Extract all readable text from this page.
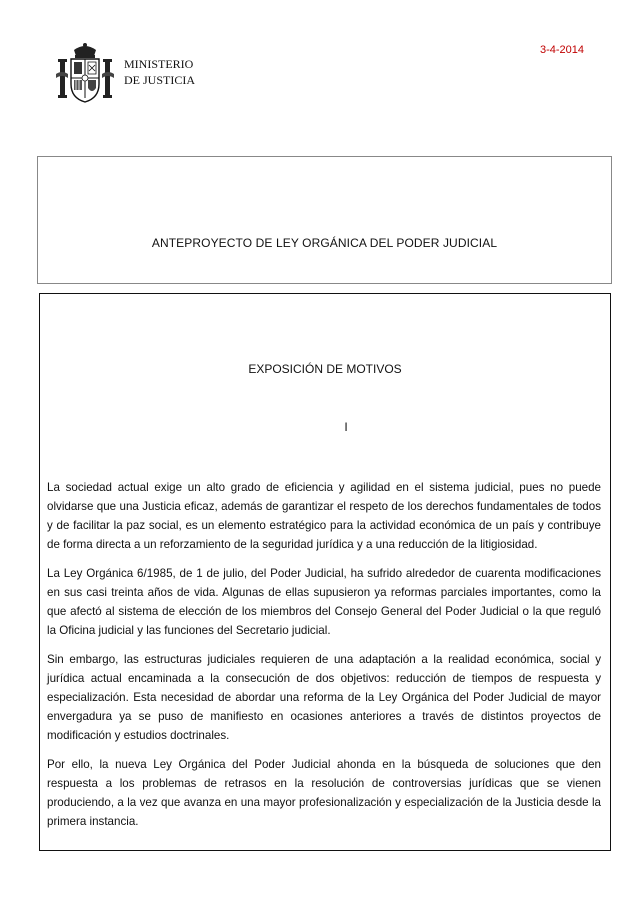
3-4-2014
MINISTERIO
DE JUSTICIA
ANTEPROYECTO DE LEY ORGÁNICA DEL PODER JUDICIAL
EXPOSICIÓN DE MOTIVOS
I

La sociedad actual exige un alto grado de eficiencia y agilidad en el sistema judicial, pues no puede olvidarse que una Justicia eficaz, además de garantizar el respeto de los derechos fundamentales de todos y de facilitar la paz social, es un elemento estratégico para la actividad económica de un país y contribuye de forma directa a un reforzamiento de la seguridad jurídica y a una reducción de la litigiosidad.

La Ley Orgánica 6/1985, de 1 de julio, del Poder Judicial, ha sufrido alrededor de cuarenta modificaciones en sus casi treinta años de vida. Algunas de ellas supusieron ya reformas parciales importantes, como la que afectó al sistema de elección de los miembros del Consejo General del Poder Judicial o la que reguló la Oficina judicial y las funciones del Secretario judicial.

Sin embargo, las estructuras judiciales requieren de una adaptación a la realidad económica, social y jurídica actual encaminada a la consecución de dos objetivos: reducción de tiempos de respuesta y especialización. Esta necesidad de abordar una reforma de la Ley Orgánica del Poder Judicial de mayor envergadura ya se puso de manifiesto en ocasiones anteriores a través de distintos proyectos de modificación y estudios doctrinales.

Por ello, la nueva Ley Orgánica del Poder Judicial ahonda en la búsqueda de soluciones que den respuesta a los problemas de retrasos en la resolución de controversias jurídicas que se vienen produciendo, a la vez que avanza en una mayor profesionalización y especialización de la Justicia desde la primera instancia.
